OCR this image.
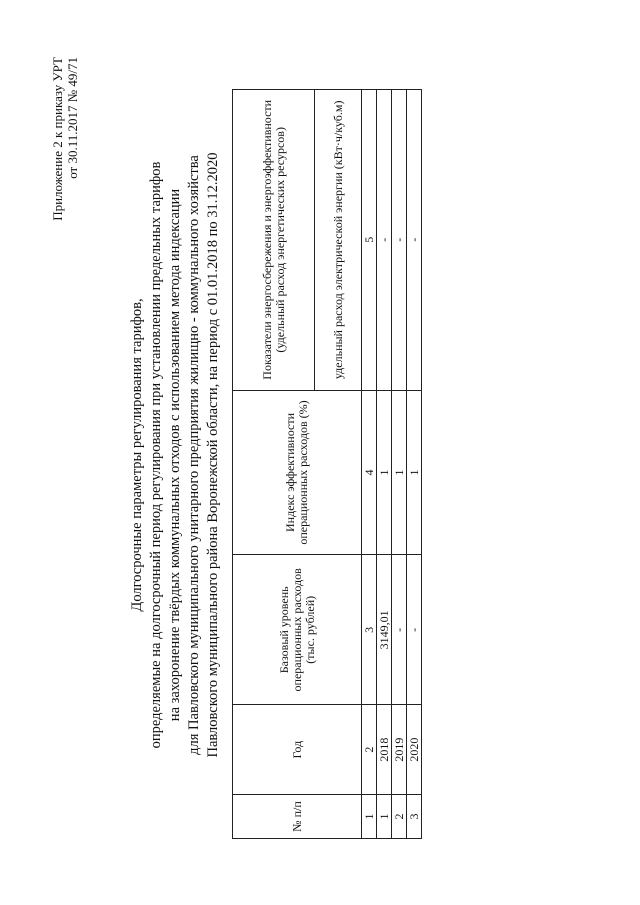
Приложение 2 к приказу УРТ от 30.11.2017 № 49/71
Долгосрочные параметры регулирования тарифов, определяемые на долгосрочный период регулирования при установлении предельных тарифов на захоронение твёрдых коммунальных отходов с использованием метода индексации для Павловского муниципального унитарного предприятия жилищно - коммунального хозяйства Павловского муниципального района Воронежской области, на период с 01.01.2018 по 31.12.2020
№ п/п	Год	Базовый уровень операционных расходов (тыс. рублей)	Индекс эффективности операционных расходов (%)	Показатели энергосбережения и энергоэффективности (удельный расход энергетических ресурсов)
				удельный расход электрической энергии (кВт·ч/куб.м)
1	2	3	4	5
1	2018	3149,01	1	-
2	2019	-	1	-
3	2020	-	1	-
